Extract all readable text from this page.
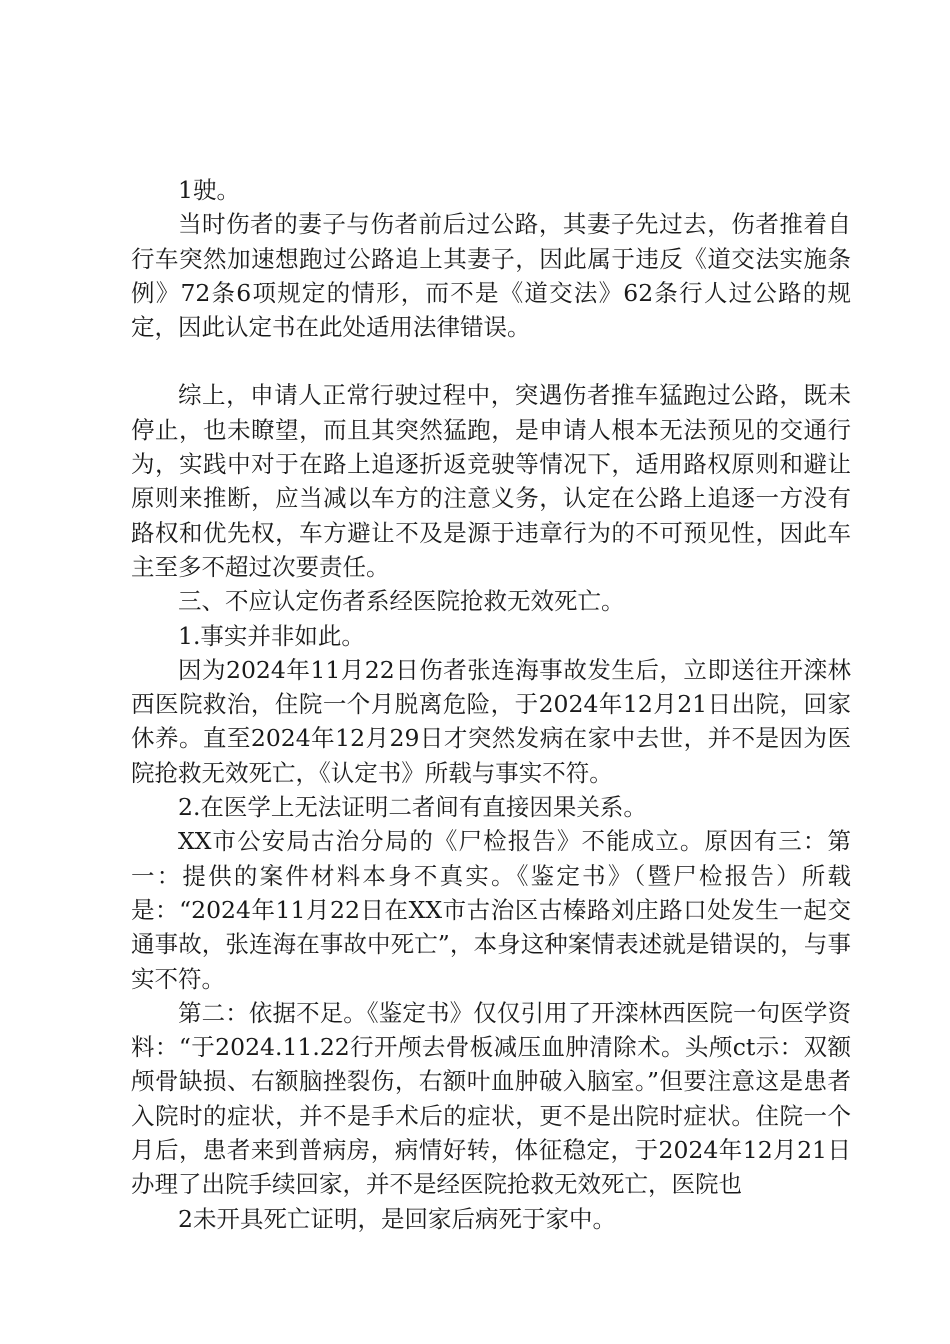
1驶。

当时伤者的妻子与伤者前后过公路，其妻子先过去，伤者推着自行车突然加速想跑过公路追上其妻子，因此属于违反《道交法实施条例》72条6项规定的情形，而不是《道交法》62条行人过公路的规定，因此认定书在此处适用法律错误。

综上，申请人正常行驶过程中，突遇伤者推车猛跑过公路，既未停止，也未瞭望，而且其突然猛跑，是申请人根本无法预见的交通行为，实践中对于在路上追逐折返竞驶等情况下，适用路权原则和避让原则来推断，应当减以车方的注意义务，认定在公路上追逐一方没有路权和优先权，车方避让不及是源于违章行为的不可预见性，因此车主至多不超过次要责任。

三、不应认定伤者系经医院抢救无效死亡。

1.事实并非如此。

因为2024年11月22日伤者张连海事故发生后，立即送往开滦林西医院救治，住院一个月脱离危险，于2024年12月21日出院，回家休养。直至2024年12月29日才突然发病在家中去世，并不是因为医院抢救无效死亡，《认定书》所载与事实不符。

2.在医学上无法证明二者间有直接因果关系。

XX市公安局古治分局的《尸检报告》不能成立。原因有三：第一：提供的案件材料本身不真实。《鉴定书》（暨尸检报告）所载是：“2024年11月22日在XX市古治区古榛路刘庄路口处发生一起交通事故，张连海在事故中死亡”，本身这种案情表述就是错误的，与事实不符。

第二：依据不足。《鉴定书》仅仅引用了开滦林西医院一句医学资料：“于2024.11.22行开颅去骨板减压血肿清除术。头颅ct示：双额颅骨缺损、右额脑挫裂伤，右额叶血肿破入脑室。”但要注意这是患者入院时的症状，并不是手术后的症状，更不是出院时症状。住院一个月后，患者来到普病房，病情好转，体征稳定，于2024年12月21日办理了出院手续回家，并不是经医院抢救无效死亡，医院也

2未开具死亡证明，是回家后病死于家中。
